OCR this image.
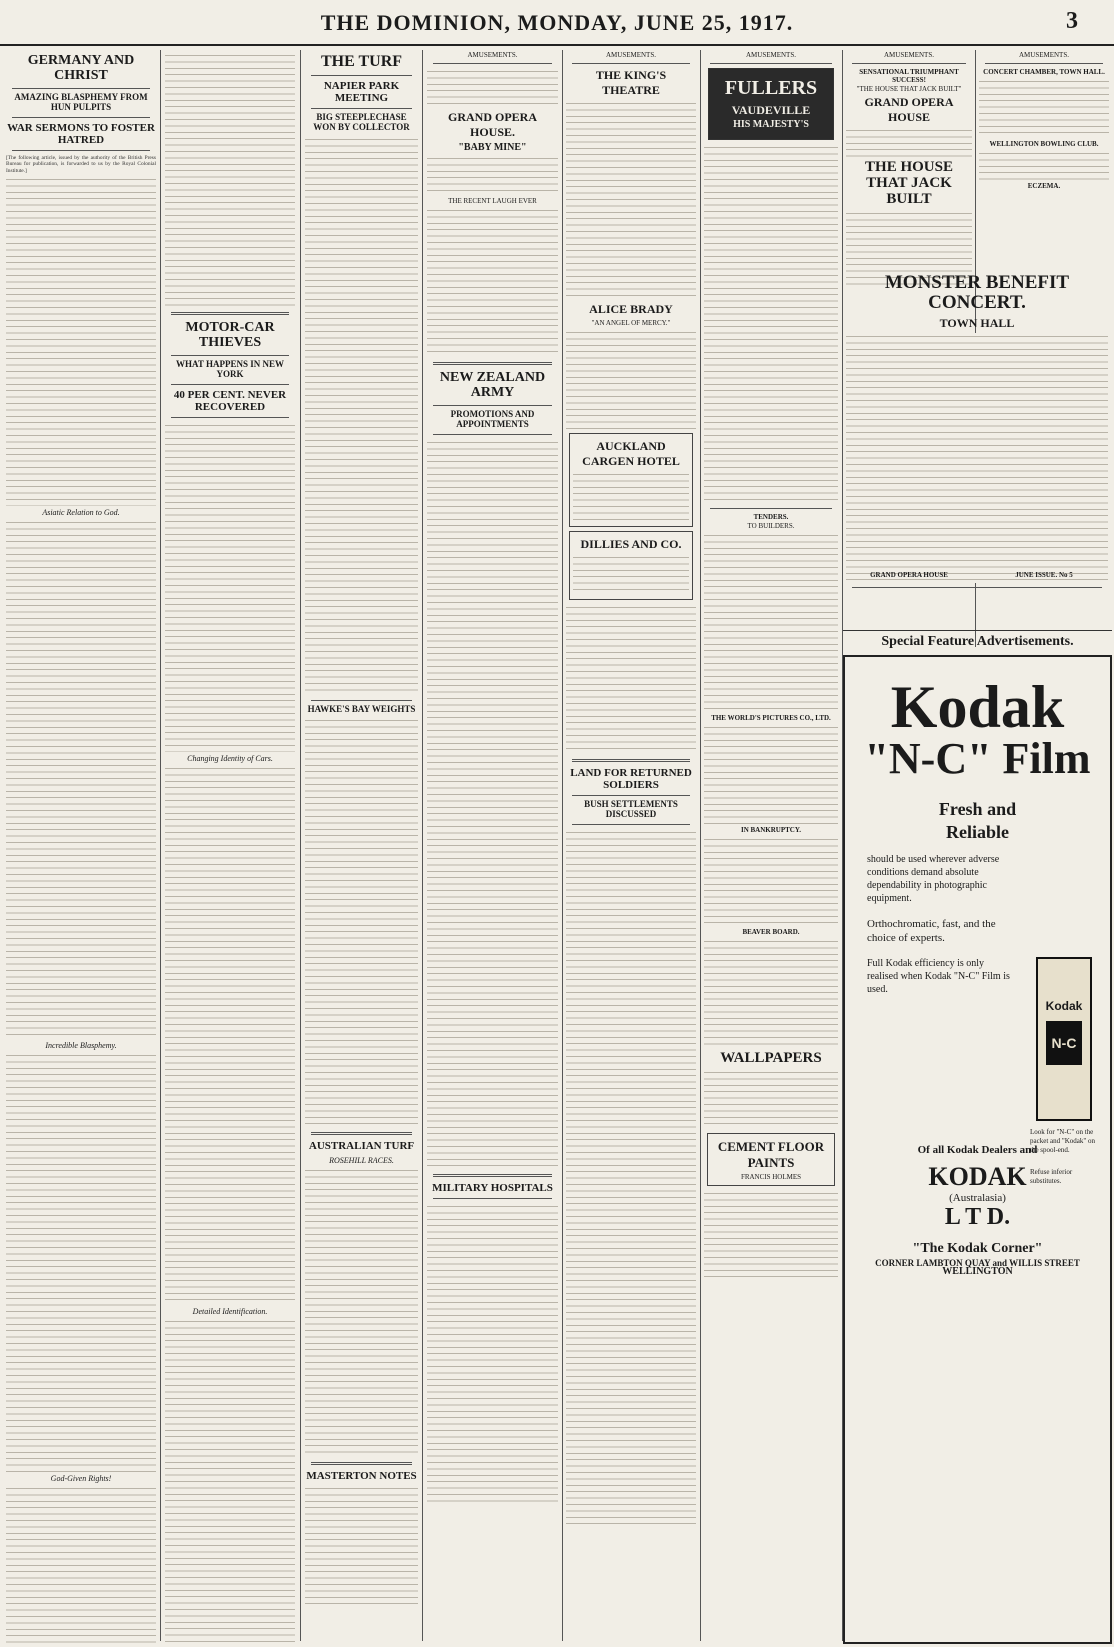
THE DOMINION, MONDAY, JUNE 25, 1917.	3
GERMANY AND CHRIST
AMAZING BLASPHEMY FROM HUN PULPITS
WAR SERMONS TO FOSTER HATRED
[The following article, issued by the authority of the British Press Bureau for publication, is forwarded to us by the Royal Colonial Institute.]
Asiatic Relation to God.
Incredible Blasphemy.
God-Given Rights!
MOTOR-CAR THIEVES
WHAT HAPPENS IN NEW YORK
40 PER CENT. NEVER RECOVERED
Changing Identity of Cars.
Detailed Identification.
THE TURF
NAPIER PARK MEETING
BIG STEEPLECHASE WON BY COLLECTOR
HAWKE'S BAY WEIGHTS
AUSTRALIAN TURF
ROSEHILL RACES.
MASTERTON NOTES
AMUSEMENTS.
GRAND OPERA HOUSE.
"BABY MINE"
THE RECENT LAUGH EVER
NEW ZEALAND ARMY
PROMOTIONS AND APPOINTMENTS
MILITARY HOSPITALS
AMUSEMENTS.
THE KING'S THEATRE
ALICE BRADY
"AN ANGEL OF MERCY."
AUCKLAND CARGEN HOTEL
DILLIES AND CO.
LAND FOR RETURNED SOLDIERS
BUSH SETTLEMENTS DISCUSSED
AMUSEMENTS.
FULLERS
VAUDEVILLE
HIS MAJESTY'S
TENDERS.
TO BUILDERS.
THE WORLD'S PICTURES CO., LTD.
IN BANKRUPTCY.
BEAVER BOARD.
WALLPAPERS
CEMENT FLOOR PAINTS
FRANCIS HOLMES
AMUSEMENTS.
SENSATIONAL TRIUMPHANT SUCCESS!
"THE HOUSE THAT JACK BUILT"
GRAND OPERA HOUSE
THE HOUSE THAT JACK BUILT
MONSTER BENEFIT CONCERT.
TOWN HALL
AMUSEMENTS.
CONCERT CHAMBER, TOWN HALL.
WELLINGTON BOWLING CLUB.
ECZEMA.
GRAND OPERA HOUSE	JUNE ISSUE. No 5
Special Feature Advertisements.
Kodak
"N-C" Film
Fresh and
Reliable
should be used wherever adverse conditions demand absolute dependability in photographic equipment.
Orthochromatic, fast, and the choice of experts.
Full Kodak efficiency is only realised when Kodak "N-C" Film is used.
Kodak
N-C
Look for "N-C" on the packet and "Kodak" on the spool-end.
Refuse inferior substitutes.
Of all Kodak Dealers and
KODAK
(Australasia)
L T D.
"The Kodak Corner"
CORNER LAMBTON QUAY and WILLIS STREET
WELLINGTON
